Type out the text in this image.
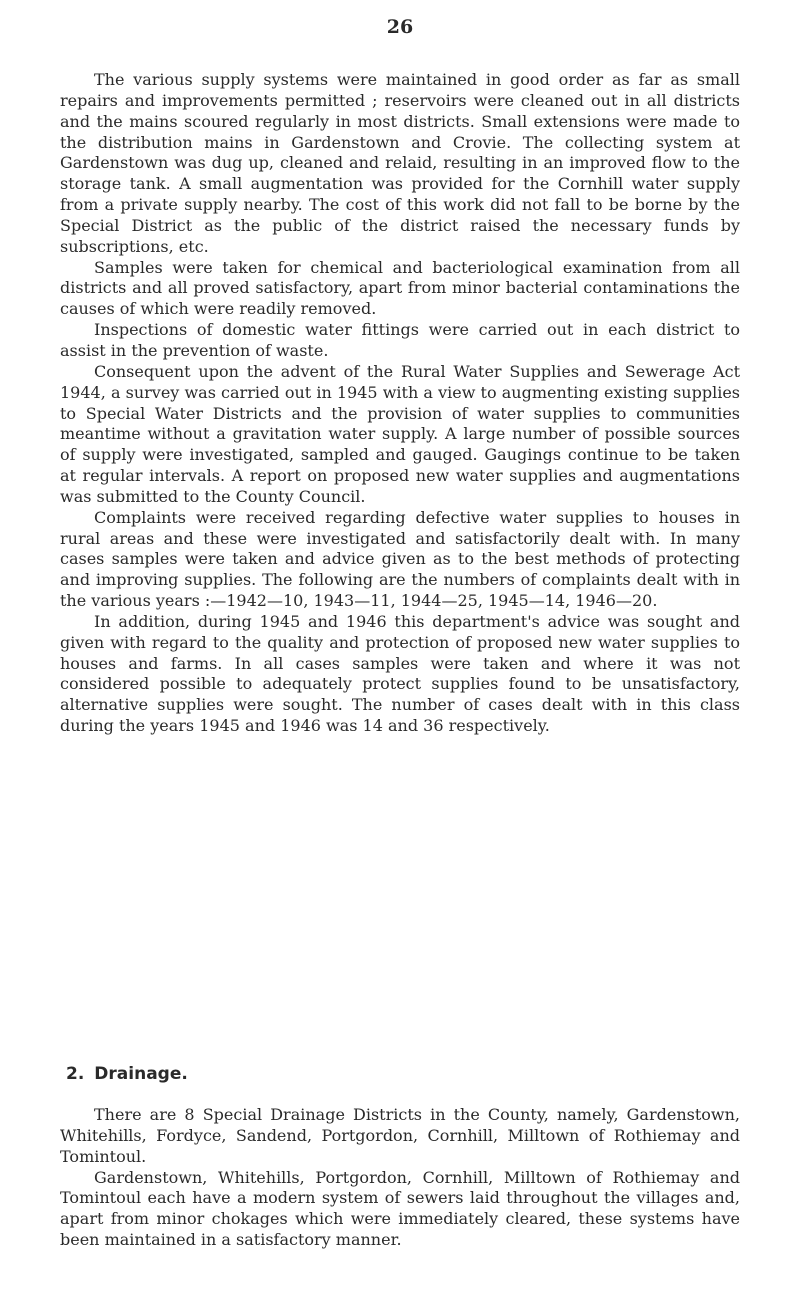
26

The various supply systems were maintained in good order as far as small repairs and improvements permitted ; reservoirs were cleaned out in all districts and the mains scoured regularly in most districts. Small extensions were made to the distribution mains in Gardenstown and Crovie. The collecting system at Gardenstown was dug up, cleaned and relaid, resulting in an improved flow to the storage tank. A small augmentation was provided for the Cornhill water supply from a private supply nearby. The cost of this work did not fall to be borne by the Special District as the public of the district raised the necessary funds by subscriptions, etc.

Samples were taken for chemical and bacteriological examination from all districts and all proved satisfactory, apart from minor bacterial contaminations the causes of which were readily removed.

Inspections of domestic water fittings were carried out in each district to assist in the prevention of waste.

Consequent upon the advent of the Rural Water Supplies and Sewerage Act 1944, a survey was carried out in 1945 with a view to augmenting existing supplies to Special Water Districts and the provision of water supplies to communities meantime without a gravitation water supply. A large number of possible sources of supply were investigated, sampled and gauged. Gaugings continue to be taken at regular intervals. A report on proposed new water supplies and augmentations was submitted to the County Council.

Complaints were received regarding defective water supplies to houses in rural areas and these were investigated and satisfactorily dealt with. In many cases samples were taken and advice given as to the best methods of protecting and improving supplies. The following are the numbers of complaints dealt with in the various years :—1942—10, 1943—11, 1944—25, 1945—14, 1946—20.

In addition, during 1945 and 1946 this department's advice was sought and given with regard to the quality and protection of proposed new water supplies to houses and farms. In all cases samples were taken and where it was not considered possible to adequately protect supplies found to be unsatisfactory, alternative supplies were sought. The number of cases dealt with in this class during the years 1945 and 1946 was 14 and 36 respectively.

2. Drainage.

There are 8 Special Drainage Districts in the County, namely, Gardenstown, Whitehills, Fordyce, Sandend, Portgordon, Cornhill, Milltown of Rothiemay and Tomintoul.

Gardenstown, Whitehills, Portgordon, Cornhill, Milltown of Rothiemay and Tomintoul each have a modern system of sewers laid throughout the villages and, apart from minor chokages which were immediately cleared, these systems have been maintained in a satisfactory manner.
